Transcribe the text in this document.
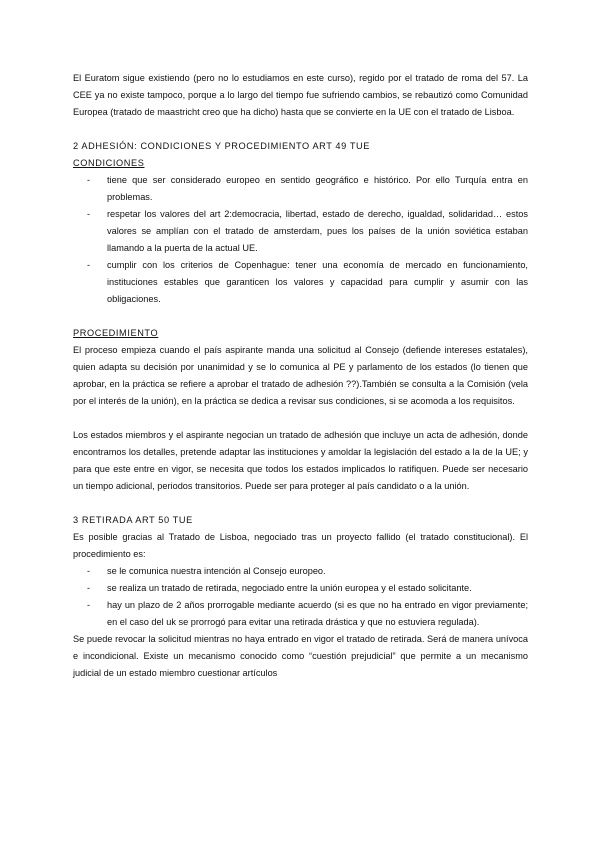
El Euratom sigue existiendo (pero no lo estudiamos en este curso), regido por el tratado de roma del 57. La CEE ya no existe tampoco, porque a lo largo del tiempo fue sufriendo cambios, se rebautizó como Comunidad Europea (tratado de maastricht creo que ha dicho) hasta que se convierte en la UE con el tratado de Lisboa.

2 ADHESIÓN: CONDICIONES Y PROCEDIMIENTO ART 49 TUE
CONDICIONES
- tiene que ser considerado europeo en sentido geográfico e histórico. Por ello Turquía entra en problemas.
- respetar los valores del art 2:democracia, libertad, estado de derecho, igualdad, solidaridad… estos valores se amplían con el tratado de amsterdam, pues los países de la unión soviética estaban llamando a la puerta de la actual UE.
- cumplir con los criterios de Copenhague: tener una economía de mercado en funcionamiento, instituciones estables que garanticen los valores y capacidad para cumplir y asumir con las obligaciones.
PROCEDIMIENTO

El proceso empieza cuando el país aspirante manda una solicitud al Consejo (defiende intereses estatales), quien adapta su decisión por unanimidad y se lo comunica al PE y parlamento de los estados (lo tienen que aprobar, en la práctica se refiere a aprobar el tratado de adhesión ??).También se consulta a la Comisión (vela por el interés de la unión), en la práctica se dedica a revisar sus condiciones, si se acomoda a los requisitos.

Los estados miembros y el aspirante negocian un tratado de adhesión que incluye un acta de adhesión, donde encontramos los detalles, pretende adaptar las instituciones y amoldar la legislación del estado a la de la UE; y para que este entre en vigor, se necesita que todos los estados implicados lo ratifiquen. Puede ser necesario un tiempo adicional, periodos transitorios. Puede ser para proteger al país candidato o a la unión.

3 RETIRADA ART 50 TUE

Es posible gracias al Tratado de Lisboa, negociado tras un proyecto fallido (el tratado constitucional). El procedimiento es:

- se le comunica nuestra intención al Consejo europeo.
- se realiza un tratado de retirada, negociado entre la unión europea y el estado solicitante.
- hay un plazo de 2 años prorrogable mediante acuerdo (si es que no ha entrado en vigor previamente; en el caso del uk se prorrogó para evitar una retirada drástica y que no estuviera regulada).

Se puede revocar la solicitud mientras no haya entrado en vigor el tratado de retirada. Será de manera unívoca e incondicional. Existe un mecanismo conocido como “cuestión prejudicial” que permite a un mecanismo judicial de un estado miembro cuestionar artículos
